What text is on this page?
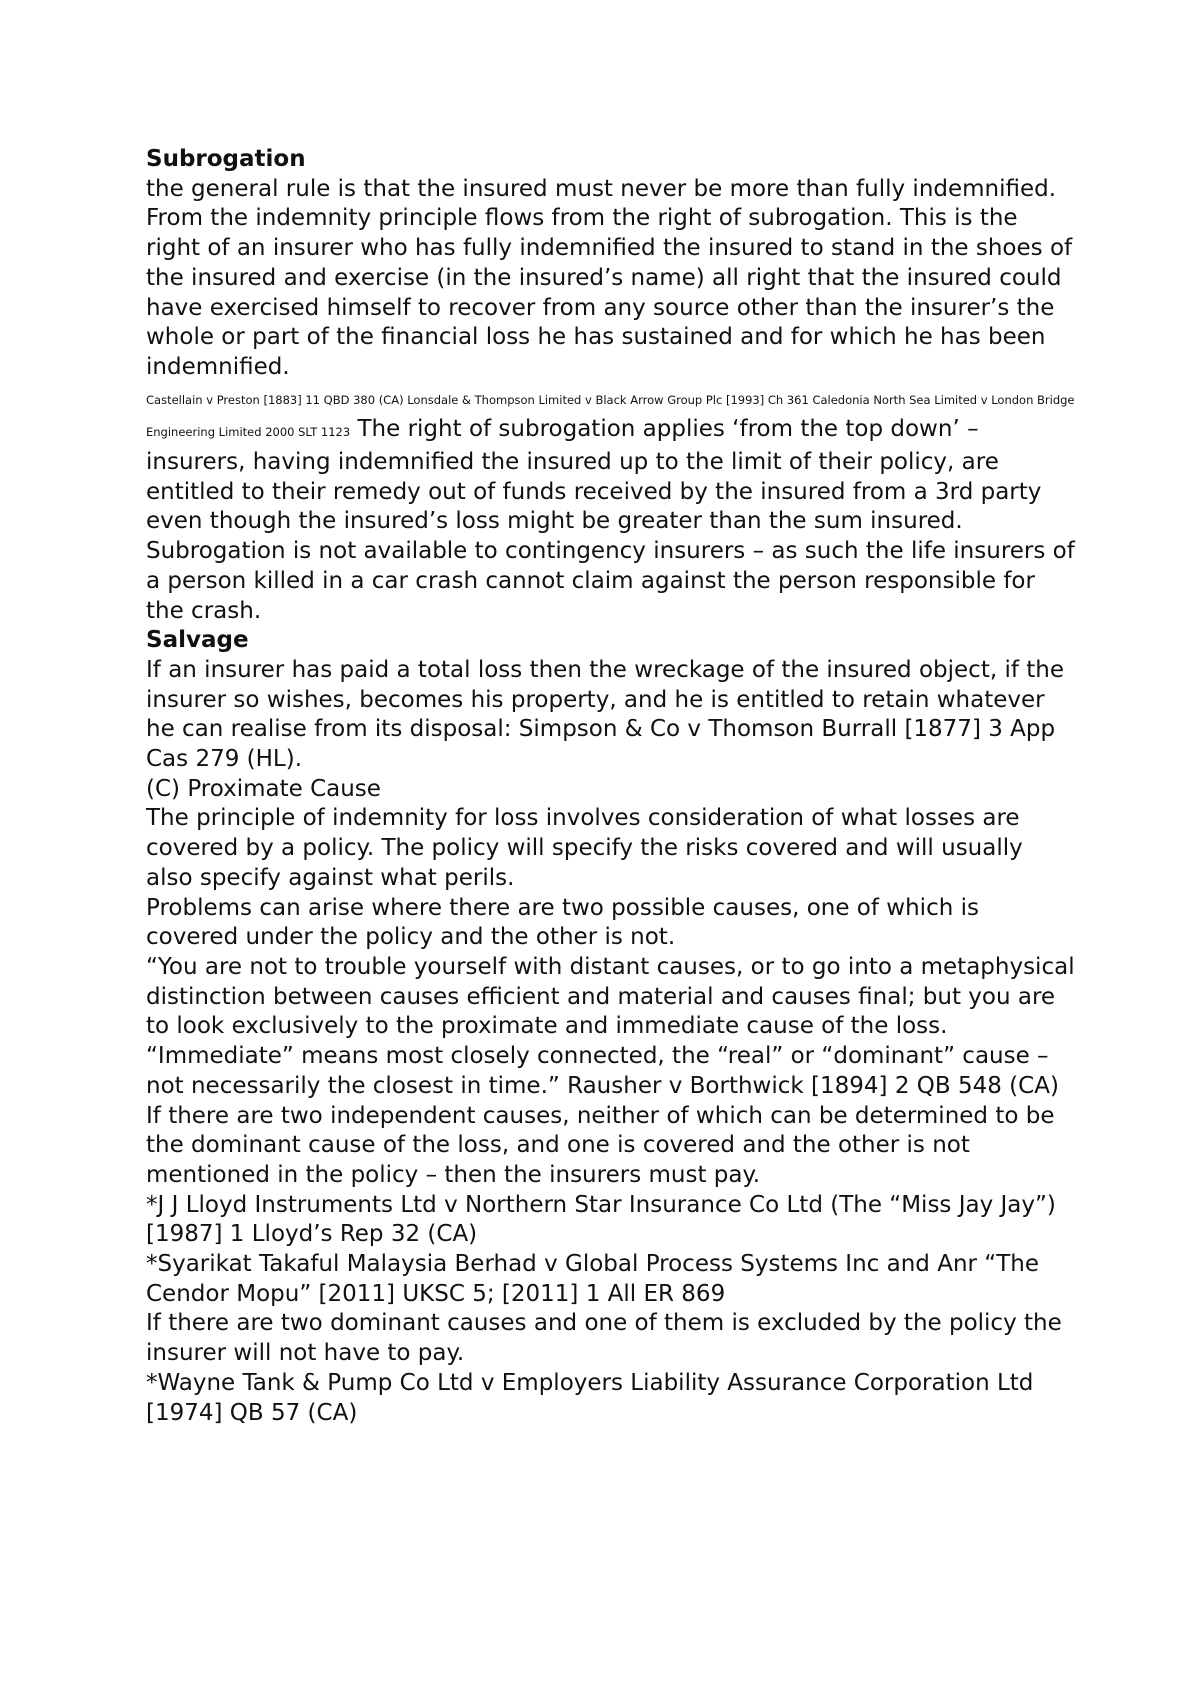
Subrogation
the general rule is that the insured must never be more than fully indemnified. From the indemnity principle flows from the right of subrogation. This is the right of an insurer who has fully indemnified the insured to stand in the shoes of the insured and exercise (in the insured’s name) all right that the insured could have exercised himself to recover from any source other than the insurer’s the whole or part of the financial loss he has sustained and for which he has been indemnified.
Castellain v Preston [1883] 11 QBD 380 (CA) Lonsdale & Thompson Limited v Black Arrow Group Plc [1993] Ch 361 Caledonia North Sea Limited v London Bridge Engineering Limited 2000 SLT 1123 The right of subrogation applies ‘from the top down’ – insurers, having indemnified the insured up to the limit of their policy, are entitled to their remedy out of funds received by the insured from a 3rd party even though the insured’s loss might be greater than the sum insured.
Subrogation is not available to contingency insurers – as such the life insurers of a person killed in a car crash cannot claim against the person responsible for the crash.
Salvage
If an insurer has paid a total loss then the wreckage of the insured object, if the insurer so wishes, becomes his property, and he is entitled to retain whatever he can realise from its disposal: Simpson & Co v Thomson Burrall [1877] 3 App Cas 279 (HL).
(C) Proximate Cause
The principle of indemnity for loss involves consideration of what losses are covered by a policy. The policy will specify the risks covered and will usually also specify against what perils.
Problems can arise where there are two possible causes, one of which is covered under the policy and the other is not.
“You are not to trouble yourself with distant causes, or to go into a metaphysical distinction between causes efficient and material and causes final; but you are to look exclusively to the proximate and immediate cause of the loss. “Immediate” means most closely connected, the “real” or “dominant” cause – not necessarily the closest in time.” Rausher v Borthwick [1894] 2 QB 548 (CA)
If there are two independent causes, neither of which can be determined to be the dominant cause of the loss, and one is covered and the other is not mentioned in the policy – then the insurers must pay.
*J J Lloyd Instruments Ltd v Northern Star Insurance Co Ltd (The “Miss Jay Jay”) [1987] 1 Lloyd’s Rep 32 (CA)
*Syarikat Takaful Malaysia Berhad v Global Process Systems Inc and Anr “The Cendor Mopu” [2011] UKSC 5; [2011] 1 All ER 869
If there are two dominant causes and one of them is excluded by the policy the insurer will not have to pay.
*Wayne Tank & Pump Co Ltd v Employers Liability Assurance Corporation Ltd [1974] QB 57 (CA)
